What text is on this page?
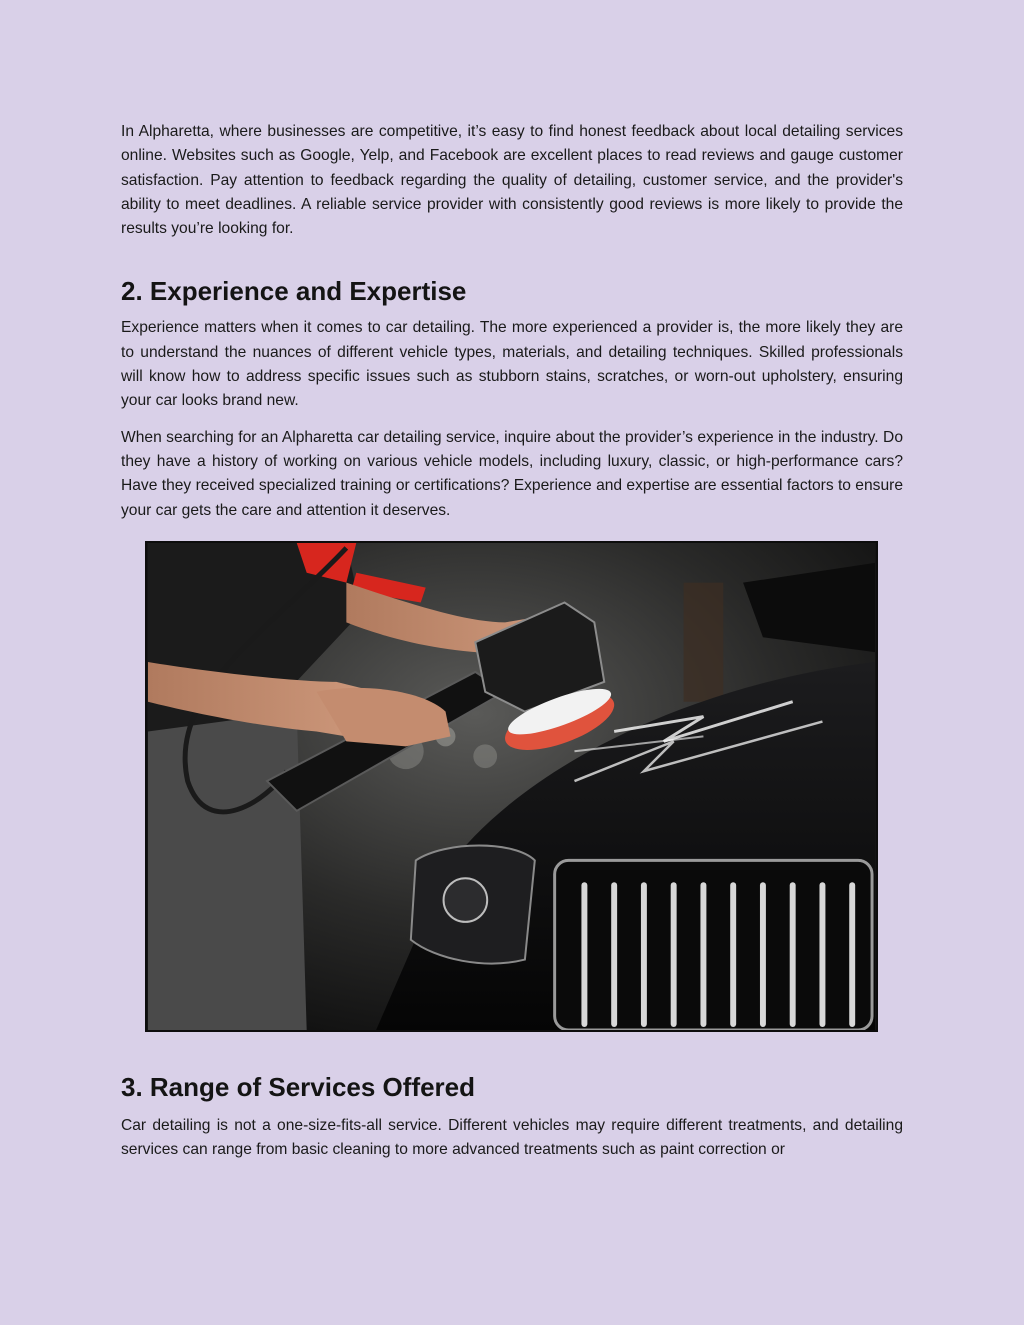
In Alpharetta, where businesses are competitive, it’s easy to find honest feedback about local detailing services online. Websites such as Google, Yelp, and Facebook are excellent places to read reviews and gauge customer satisfaction. Pay attention to feedback regarding the quality of detailing, customer service, and the provider's ability to meet deadlines. A reliable service provider with consistently good reviews is more likely to provide the results you’re looking for.

2. Experience and Expertise

Experience matters when it comes to car detailing. The more experienced a provider is, the more likely they are to understand the nuances of different vehicle types, materials, and detailing techniques. Skilled professionals will know how to address specific issues such as stubborn stains, scratches, or worn-out upholstery, ensuring your car looks brand new.

When searching for an Alpharetta car detailing service, inquire about the provider’s experience in the industry. Do they have a history of working on various vehicle models, including luxury, classic, or high-performance cars? Have they received specialized training or certifications? Experience and expertise are essential factors to ensure your car gets the care and attention it deserves.

3. Range of Services Offered

Car detailing is not a one-size-fits-all service. Different vehicles may require different treatments, and detailing services can range from basic cleaning to more advanced treatments such as paint correction or
